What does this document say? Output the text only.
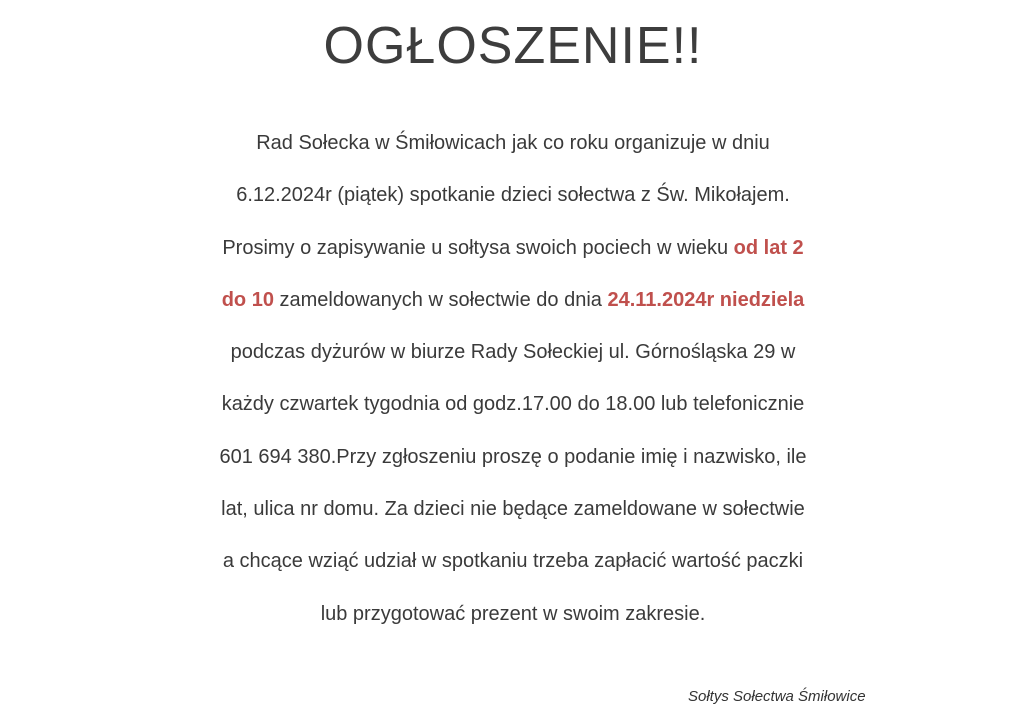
OGŁOSZENIE!!
Rad Sołecka w Śmiłowicach jak co roku organizuje w dniu
6.12.2024r (piątek) spotkanie dzieci sołectwa z Św. Mikołajem.
Prosimy o zapisywanie u sołtysa swoich pociech w wieku od lat 2
do 10 zameldowanych w sołectwie do dnia 24.11.2024r niedziela
podczas dyżurów w biurze Rady Sołeckiej ul. Górnośląska 29 w
każdy czwartek tygodnia od godz.17.00 do 18.00 lub telefonicznie
601 694 380.Przy zgłoszeniu proszę o podanie imię i nazwisko, ile
lat, ulica nr domu. Za dzieci nie będące zameldowane w sołectwie
a chcące wziąć udział w spotkaniu trzeba zapłacić wartość paczki
lub przygotować prezent w swoim zakresie.
Sołtys Sołectwa Śmiłowice
